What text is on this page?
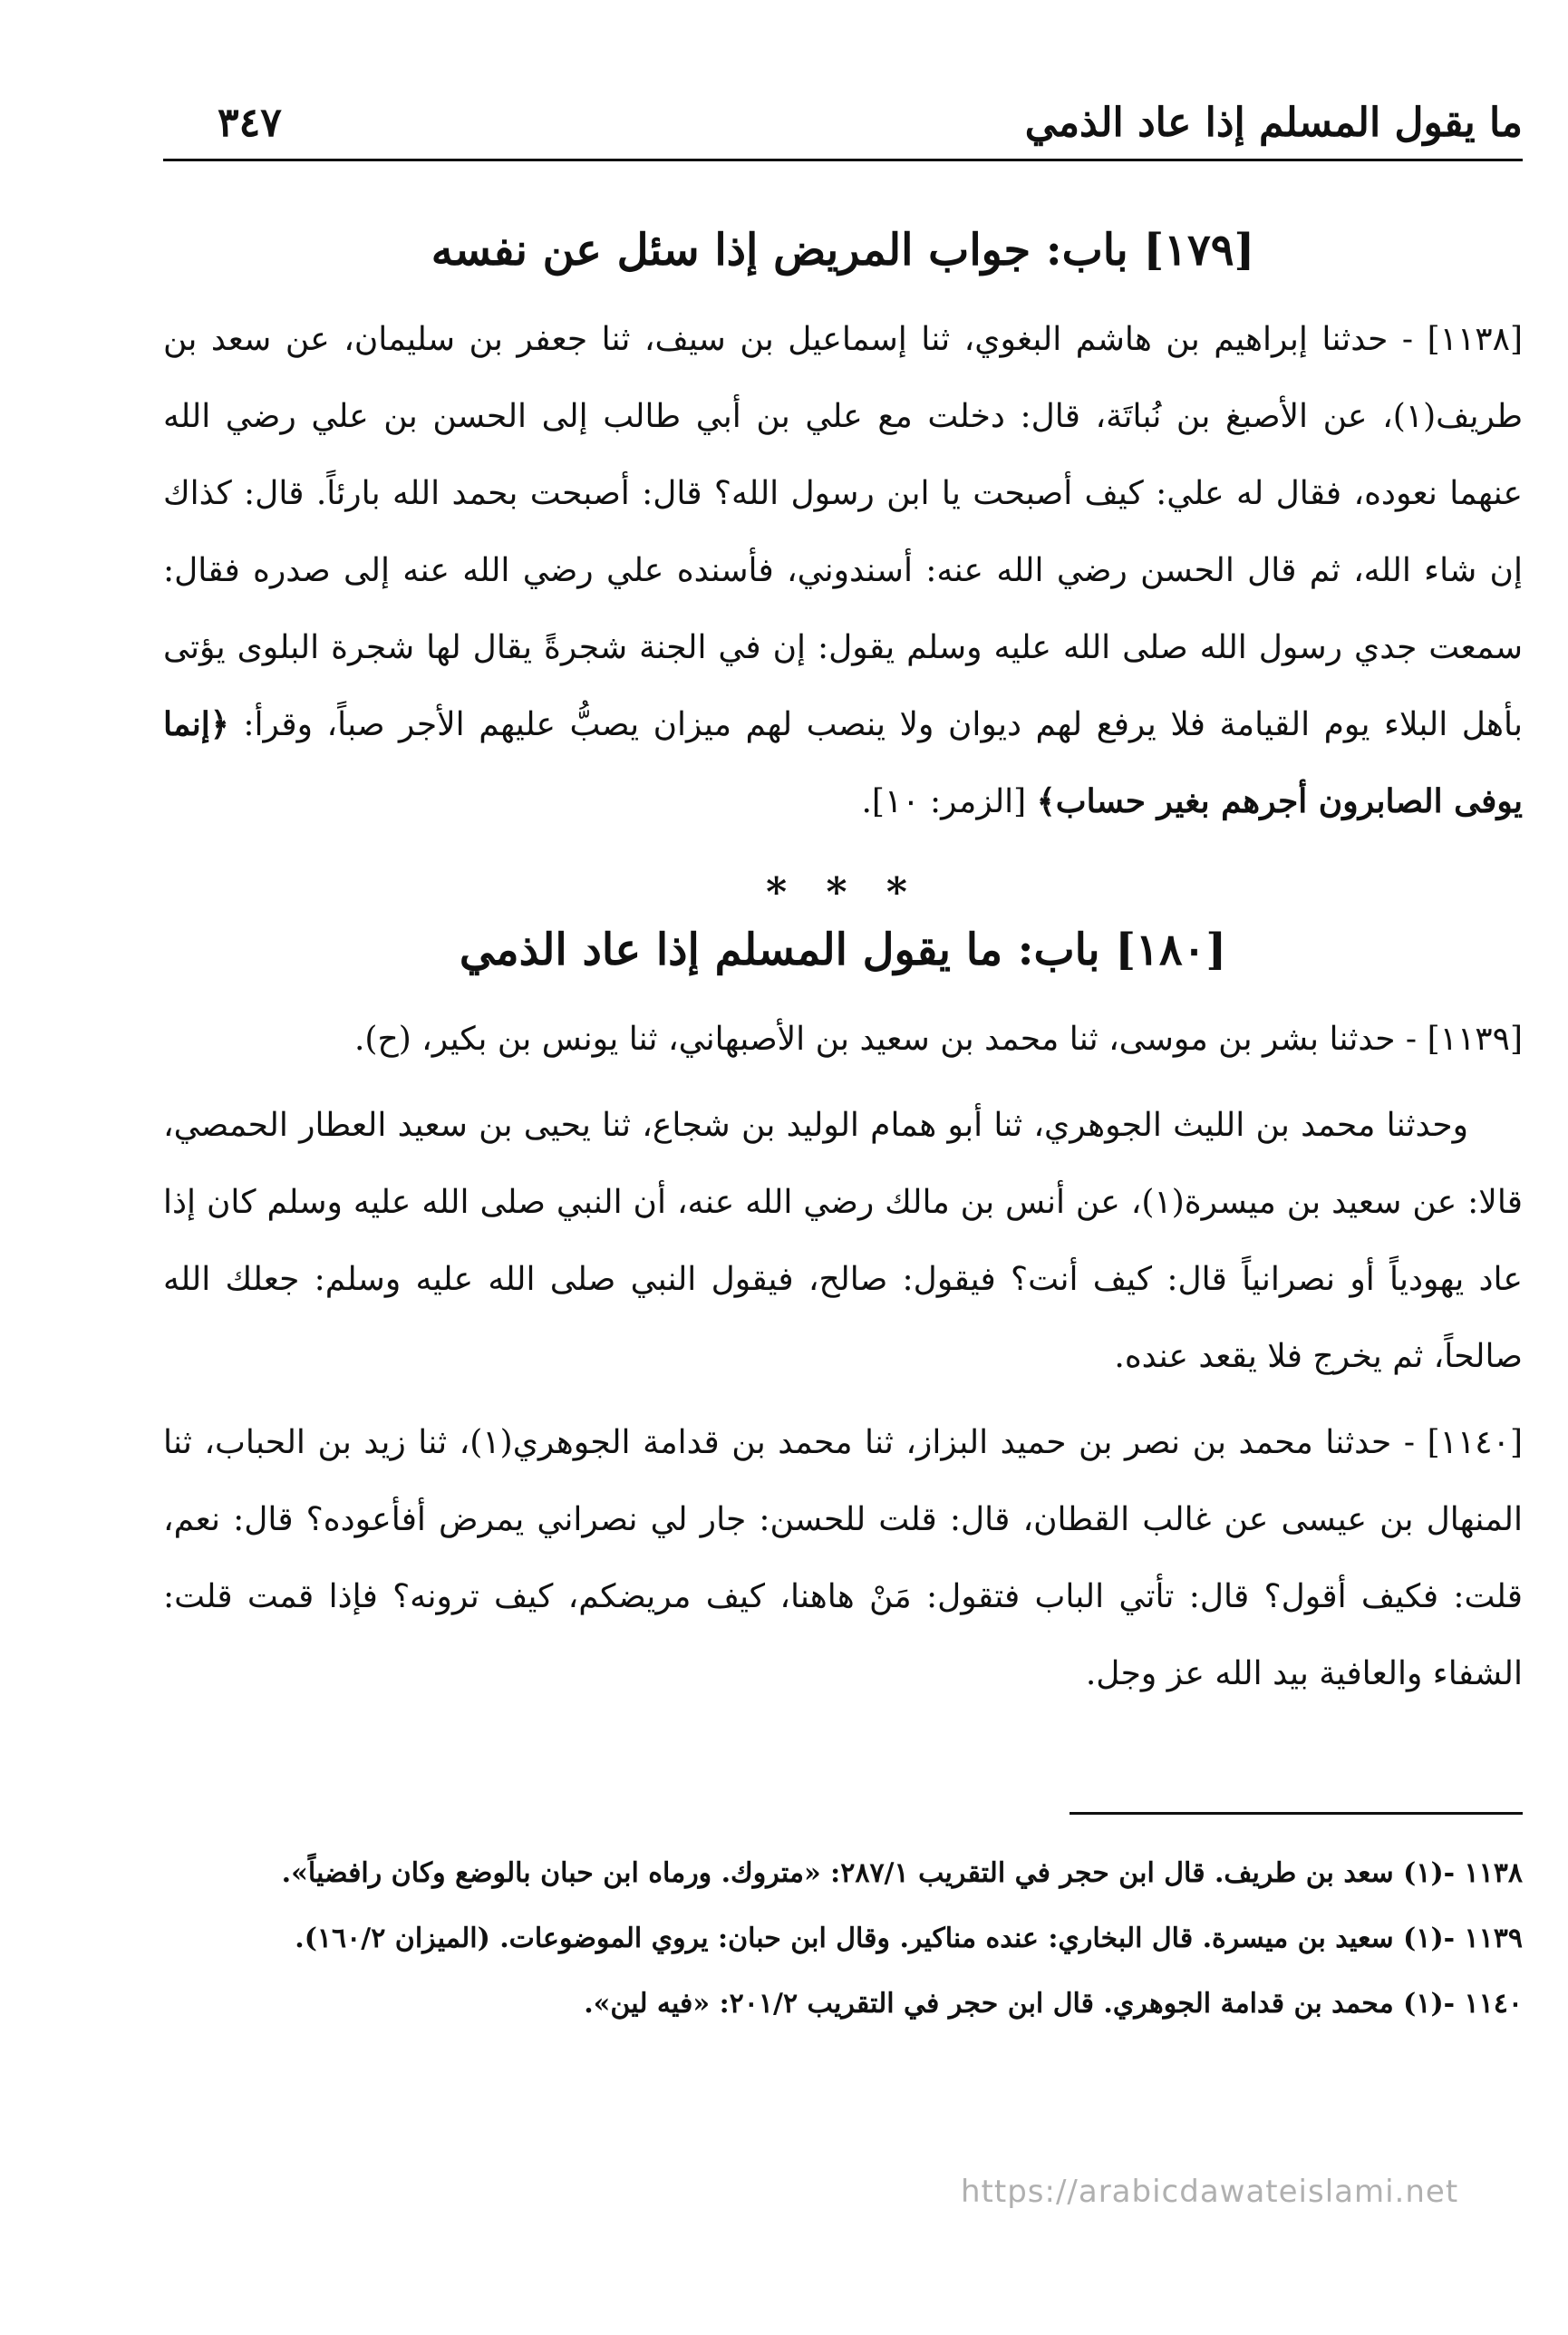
ما يقول المسلم إذا عاد الذمي
٣٤٧
[١٧٩] باب: جواب المريض إذا سئل عن نفسه

[١١٣٨] - حدثنا إبراهيم بن هاشم البغوي، ثنا إسماعيل بن سيف، ثنا جعفر بن سليمان، عن سعد بن طريف(١)، عن الأصبغ بن نُباتَة، قال: دخلت مع علي بن أبي طالب إلى الحسن بن علي رضي الله عنهما نعوده، فقال له علي: كيف أصبحت يا ابن رسول الله؟ قال: أصبحت بحمد الله بارئاً. قال: كذاك إن شاء الله، ثم قال الحسن رضي الله عنه: أسندوني، فأسنده علي رضي الله عنه إلى صدره فقال: سمعت جدي رسول الله صلى الله عليه وسلم يقول: إن في الجنة شجرةً يقال لها شجرة البلوى يؤتى بأهل البلاء يوم القيامة فلا يرفع لهم ديوان ولا ينصب لهم ميزان يصبُّ عليهم الأجر صباً، وقرأ: ﴿إنما يوفى الصابرون أجرهم بغير حساب﴾ [الزمر: ١٠].

* * *
[١٨٠] باب: ما يقول المسلم إذا عاد الذمي

[١١٣٩] - حدثنا بشر بن موسى، ثنا محمد بن سعيد بن الأصبهاني، ثنا يونس بن بكير، (ح).

وحدثنا محمد بن الليث الجوهري، ثنا أبو همام الوليد بن شجاع، ثنا يحيى بن سعيد العطار الحمصي، قالا: عن سعيد بن ميسرة(١)، عن أنس بن مالك رضي الله عنه، أن النبي صلى الله عليه وسلم كان إذا عاد يهودياً أو نصرانياً قال: كيف أنت؟ فيقول: صالح، فيقول النبي صلى الله عليه وسلم: جعلك الله صالحاً، ثم يخرج فلا يقعد عنده.

[١١٤٠] - حدثنا محمد بن نصر بن حميد البزاز، ثنا محمد بن قدامة الجوهري(١)، ثنا زيد بن الحباب، ثنا المنهال بن عيسى عن غالب القطان، قال: قلت للحسن: جار لي نصراني يمرض أفأعوده؟ قال: نعم، قلت: فكيف أقول؟ قال: تأتي الباب فتقول: مَنْ هاهنا، كيف مريضكم، كيف ترونه؟ فإذا قمت قلت: الشفاء والعافية بيد الله عز وجل.

١١٣٨ -(١) سعد بن طريف. قال ابن حجر في التقريب ٢٨٧/١: «متروك. ورماه ابن حبان بالوضع وكان رافضياً».

١١٣٩ -(١) سعيد بن ميسرة. قال البخاري: عنده مناكير. وقال ابن حبان: يروي الموضوعات. (الميزان ١٦٠/٢).

١١٤٠ -(١) محمد بن قدامة الجوهري. قال ابن حجر في التقريب ٢٠١/٢: «فيه لين».

https://arabicdawateislami.net
